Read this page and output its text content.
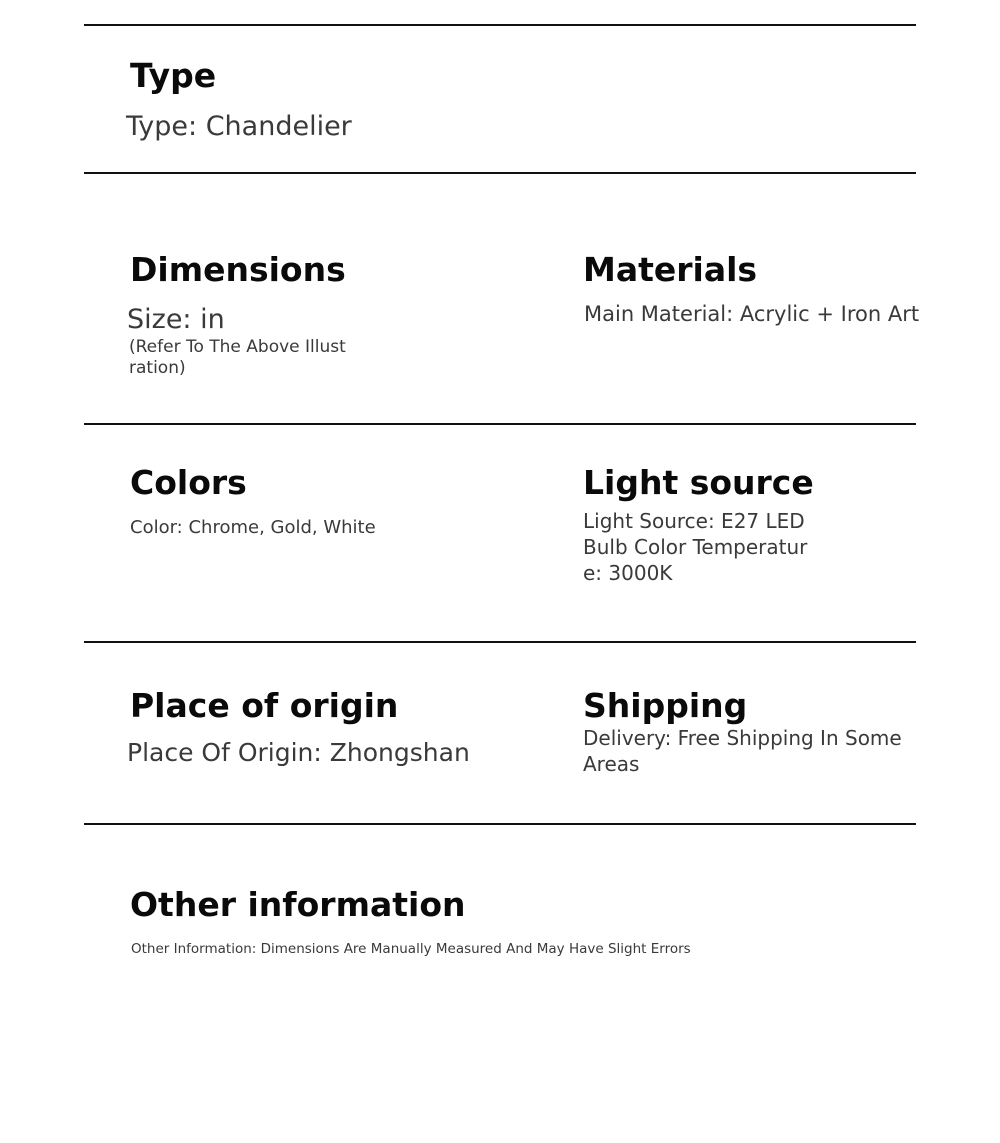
Type

Type: Chandelier

Dimensions

Size: in

(Refer To The Above Illustration)

Materials

Main Material: Acrylic + Iron Art

Colors

Color: Chrome, Gold, White

Light source

Light Source: E27 LED Bulb Color Temperature: 3000K

Place of origin

Place Of Origin: Zhongshan

Shipping

Delivery: Free Shipping In Some Areas

Other information

Other Information: Dimensions Are Manually Measured And May Have Slight Errors
